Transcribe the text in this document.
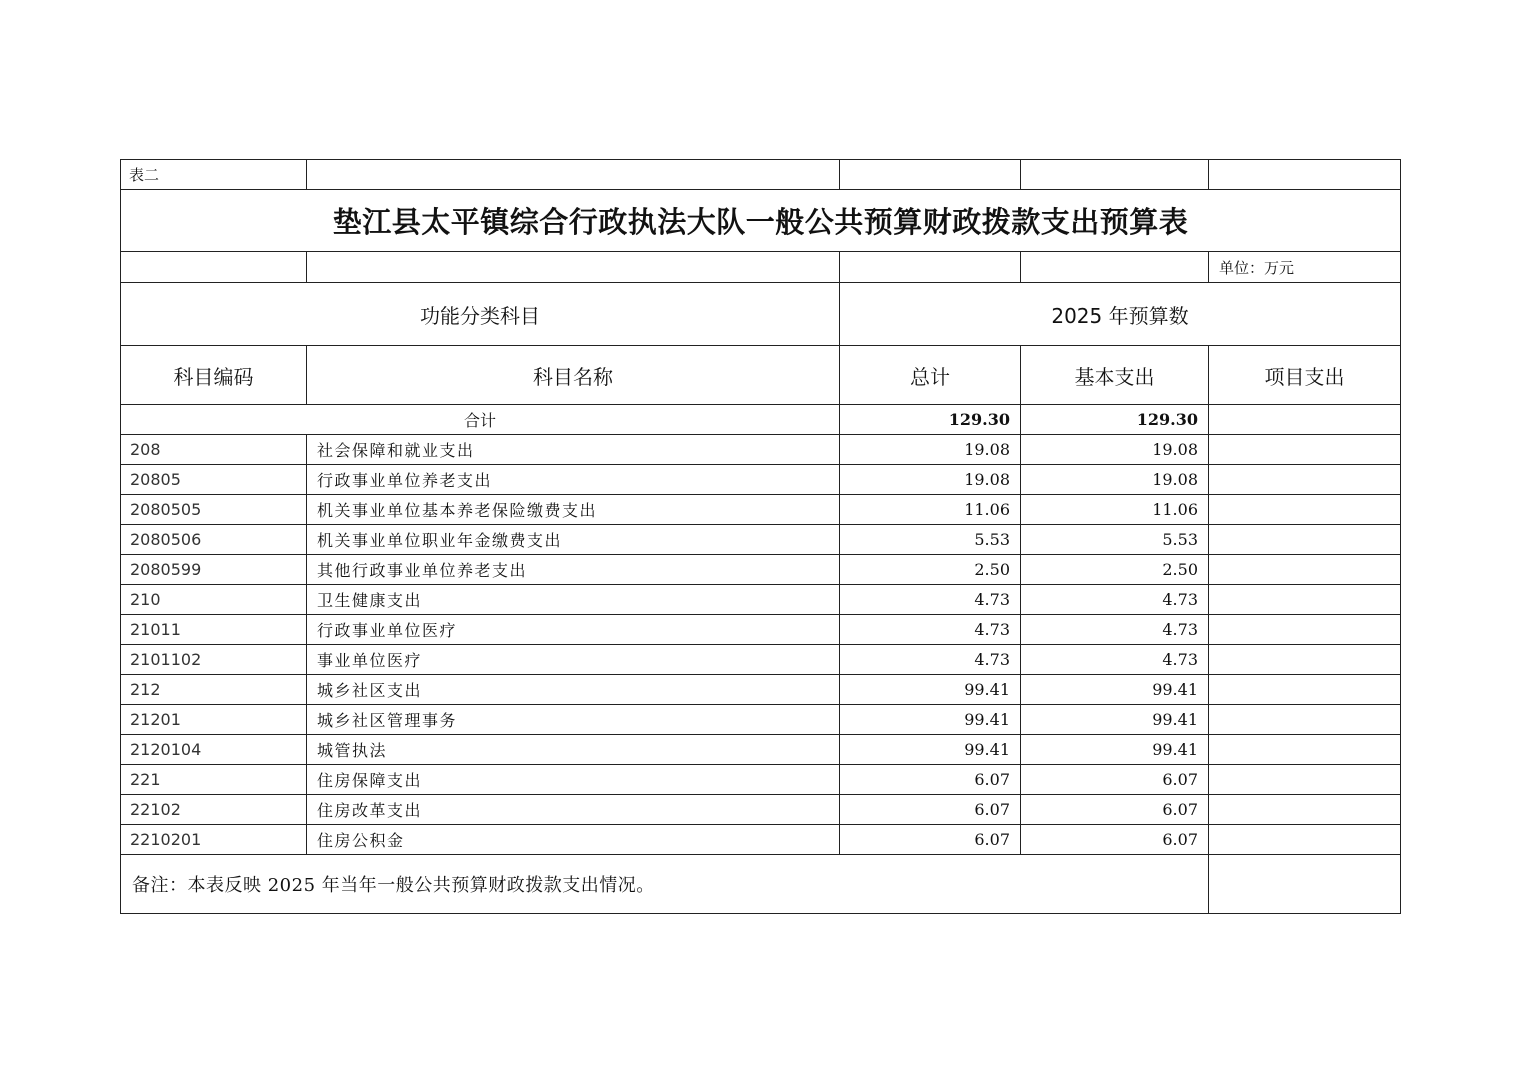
表二				
垫江县太平镇综合行政执法大队一般公共预算财政拨款支出预算表				
				单位：万元
功能分类科目		2025 年预算数		
科目编码	科目名称	总计	基本支出	项目支出
合计		129.30	129.30	
208	社会保障和就业支出	19.08	19.08	
20805	行政事业单位养老支出	19.08	19.08	
2080505	机关事业单位基本养老保险缴费支出	11.06	11.06	
2080506	机关事业单位职业年金缴费支出	5.53	5.53	
2080599	其他行政事业单位养老支出	2.50	2.50	
210	卫生健康支出	4.73	4.73	
21011	行政事业单位医疗	4.73	4.73	
2101102	事业单位医疗	4.73	4.73	
212	城乡社区支出	99.41	99.41	
21201	城乡社区管理事务	99.41	99.41	
2120104	城管执法	99.41	99.41	
221	住房保障支出	6.07	6.07	
22102	住房改革支出	6.07	6.07	
2210201	住房公积金	6.07	6.07	
备注：本表反映 2025 年当年一般公共预算财政拨款支出情况。				
